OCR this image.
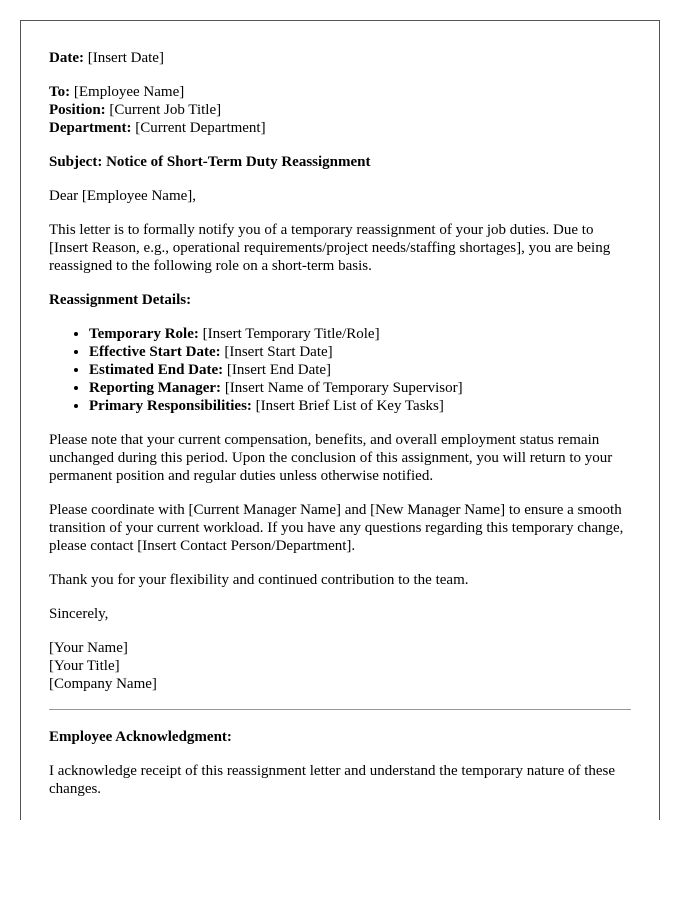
Date: [Insert Date]

To: [Employee Name]

Position: [Current Job Title]

Department: [Current Department]

Subject: Notice of Short-Term Duty Reassignment

Dear [Employee Name],

This letter is to formally notify you of a temporary reassignment of your job duties. Due to [Insert Reason, e.g., operational requirements/project needs/staffing shortages], you are being reassigned to the following role on a short-term basis.

Reassignment Details:

• Temporary Role: [Insert Temporary Title/Role]
• Effective Start Date: [Insert Start Date]
• Estimated End Date: [Insert End Date]
• Reporting Manager: [Insert Name of Temporary Supervisor]
• Primary Responsibilities: [Insert Brief List of Key Tasks]

Please note that your current compensation, benefits, and overall employment status remain unchanged during this period. Upon the conclusion of this assignment, you will return to your permanent position and regular duties unless otherwise notified.

Please coordinate with [Current Manager Name] and [New Manager Name] to ensure a smooth transition of your current workload. If you have any questions regarding this temporary change, please contact [Insert Contact Person/Department].

Thank you for your flexibility and continued contribution to the team.

Sincerely,

[Your Name]

[Your Title]

[Company Name]

Employee Acknowledgment:

I acknowledge receipt of this reassignment letter and understand the temporary nature of these changes.
